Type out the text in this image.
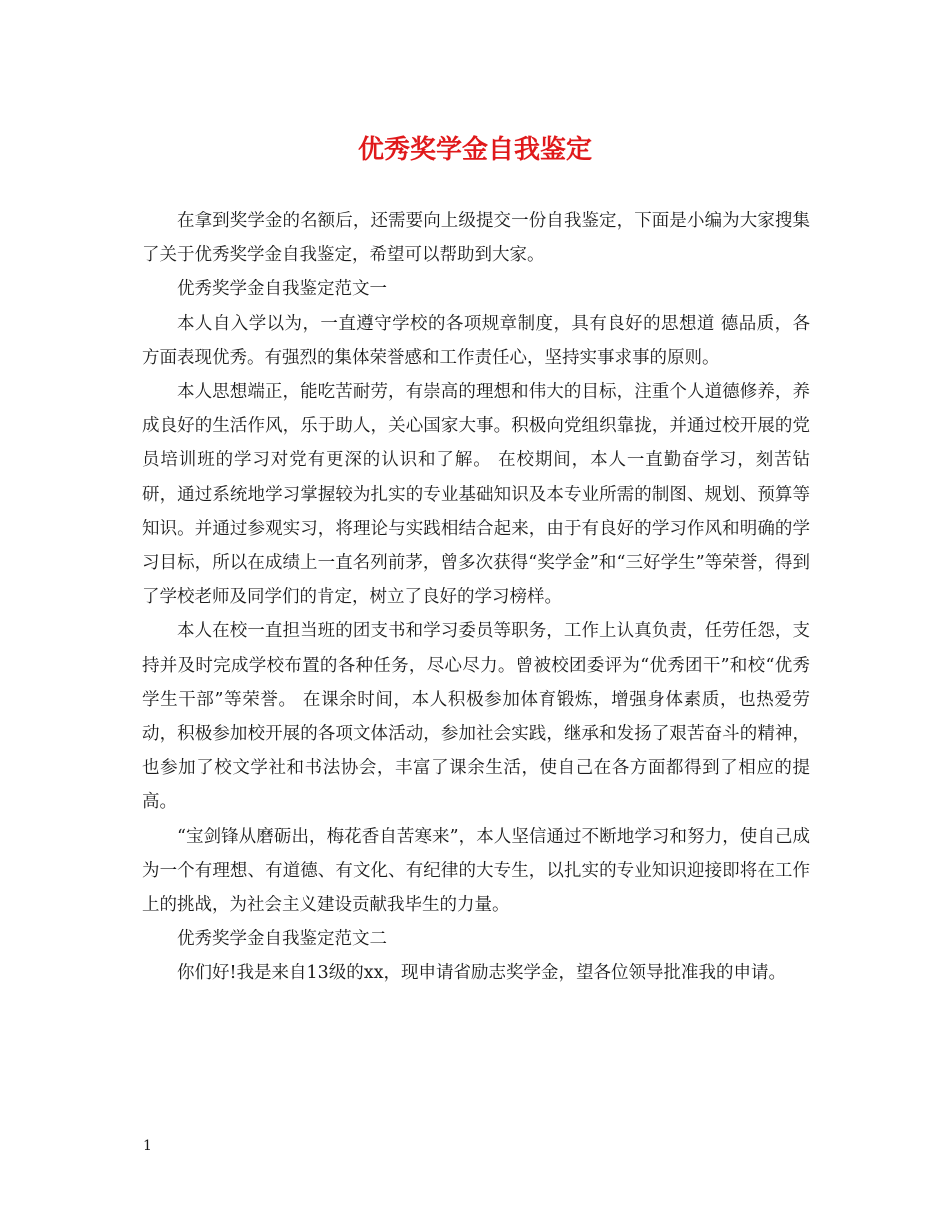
优秀奖学金自我鉴定

在拿到奖学金的名额后，还需要向上级提交一份自我鉴定，下面是小编为大家搜集了关于优秀奖学金自我鉴定，希望可以帮助到大家。

优秀奖学金自我鉴定范文一

本人自入学以为，一直遵守学校的各项规章制度，具有良好的思想道 德品质，各方面表现优秀。有强烈的集体荣誉感和工作责任心，坚持实事求事的原则。

本人思想端正，能吃苦耐劳，有崇高的理想和伟大的目标，注重个人道德修养，养成良好的生活作风，乐于助人，关心国家大事。积极向党组织靠拢，并通过校开展的党员培训班的学习对党有更深的认识和了解。 在校期间，本人一直勤奋学习，刻苦钻研，通过系统地学习掌握较为扎实的专业基础知识及本专业所需的制图、规划、预算等知识。并通过参观实习，将理论与实践相结合起来，由于有良好的学习作风和明确的学习目标，所以在成绩上一直名列前茅，曾多次获得“奖学金”和“三好学生”等荣誉，得到了学校老师及同学们的肯定，树立了良好的学习榜样。

本人在校一直担当班的团支书和学习委员等职务，工作上认真负责，任劳任怨，支持并及时完成学校布置的各种任务，尽心尽力。曾被校团委评为“优秀团干”和校“优秀学生干部”等荣誉。 在课余时间，本人积极参加体育锻炼，增强身体素质，也热爱劳动，积极参加校开展的各项文体活动，参加社会实践，继承和发扬了艰苦奋斗的精神，也参加了校文学社和书法协会，丰富了课余生活，使自己在各方面都得到了相应的提高。

“宝剑锋从磨砺出，梅花香自苦寒来”，本人坚信通过不断地学习和努力，使自己成为一个有理想、有道德、有文化、有纪律的大专生，以扎实的专业知识迎接即将在工作上的挑战，为社会主义建设贡献我毕生的力量。

优秀奖学金自我鉴定范文二

你们好!我是来自13级的xx，现申请省励志奖学金，望各位领导批准我的申请。

1
